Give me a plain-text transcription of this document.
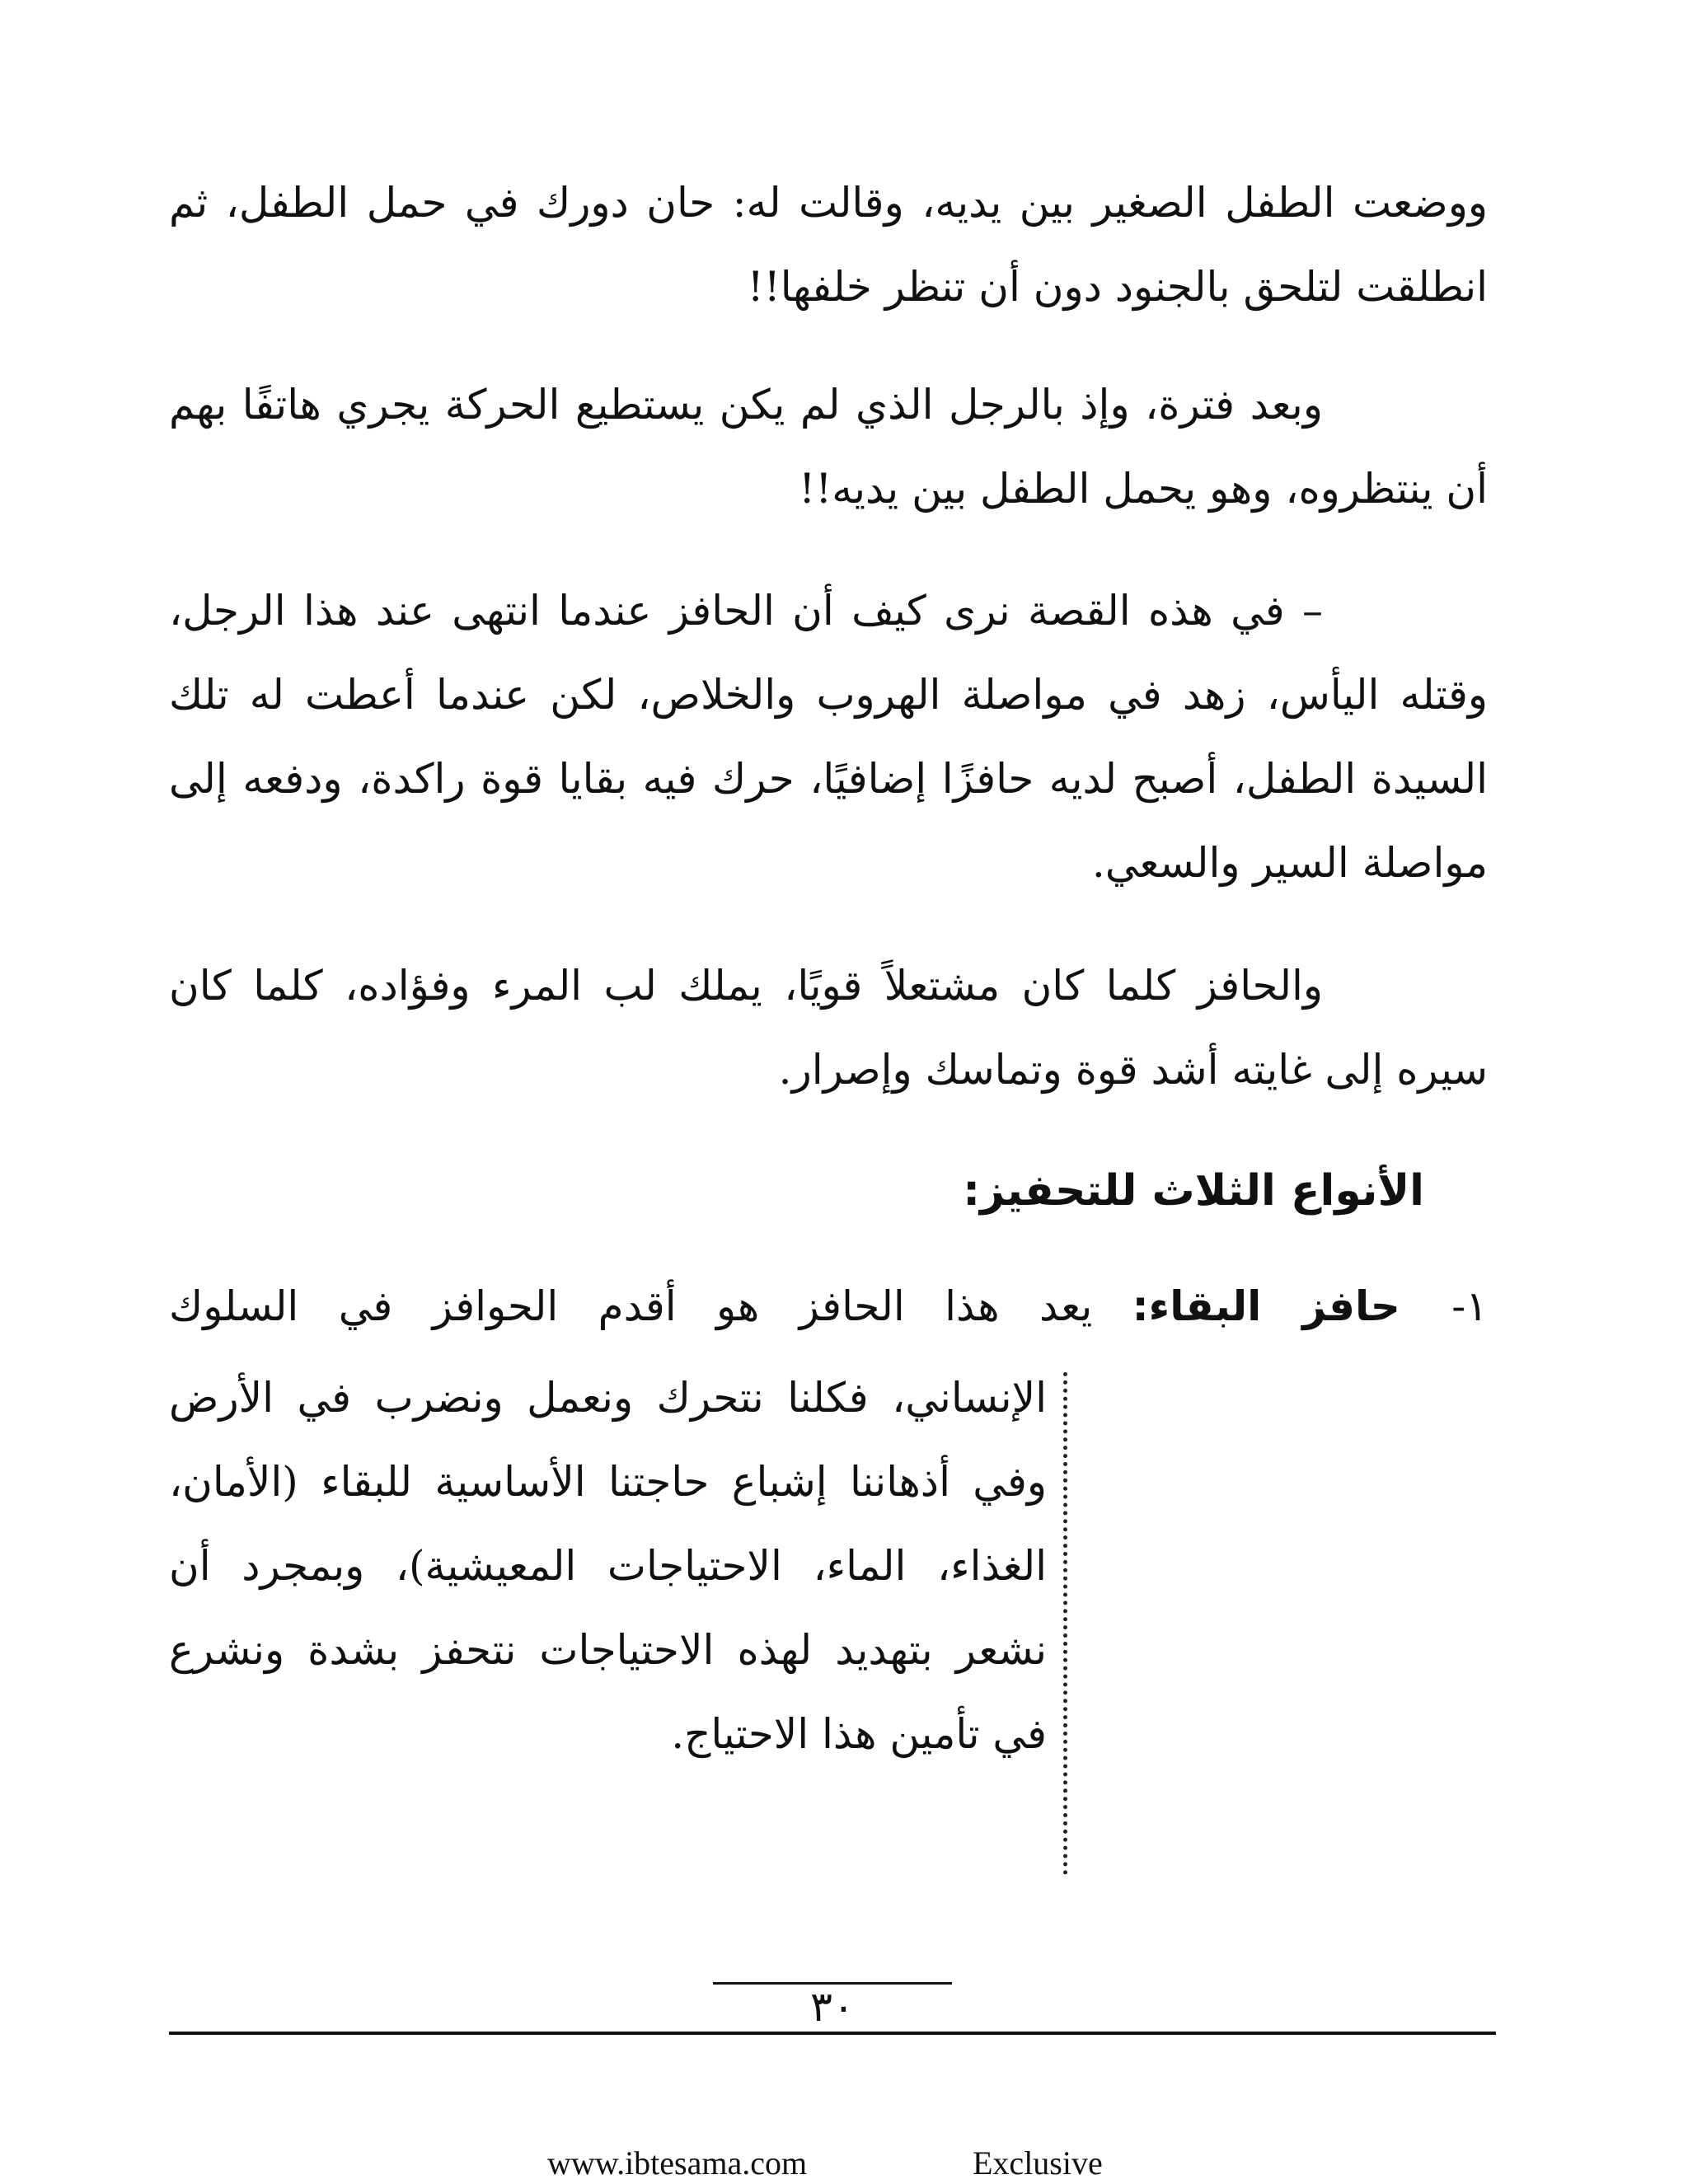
ووضعت الطفل الصغير بين يديه، وقالت له: حان دورك في حمل الطفل، ثم انطلقت لتلحق بالجنود دون أن تنظر خلفها!!

وبعد فترة، وإذ بالرجل الذي لم يكن يستطيع الحركة يجري هاتفًا بهم أن ينتظروه، وهو يحمل الطفل بين يديه!!

– في هذه القصة نرى كيف أن الحافز عندما انتهى عند هذا الرجل، وقتله اليأس، زهد في مواصلة الهروب والخلاص، لكن عندما أعطت له تلك السيدة الطفل، أصبح لديه حافزًا إضافيًا، حرك فيه بقايا قوة راكدة، ودفعه إلى مواصلة السير والسعي.

والحافز كلما كان مشتعلاً قويًا، يملك لب المرء وفؤاده، كلما كان سيره إلى غايته أشد قوة وتماسك وإصرار.

الأنواع الثلاث للتحفيز:
١- حافز البقاء: يعد هذا الحافز هو أقدم الحوافز في السلوك

الإنساني، فكلنا نتحرك ونعمل ونضرب في الأرض وفي أذهاننا إشباع حاجتنا الأساسية للبقاء (الأمان، الغذاء، الماء، الاحتياجات المعيشية)، وبمجرد أن نشعر بتهديد لهذه الاحتياجات نتحفز بشدة ونشرع في تأمين هذا الاحتياج.

٣٠
www.ibtesama.com	Exclusive
